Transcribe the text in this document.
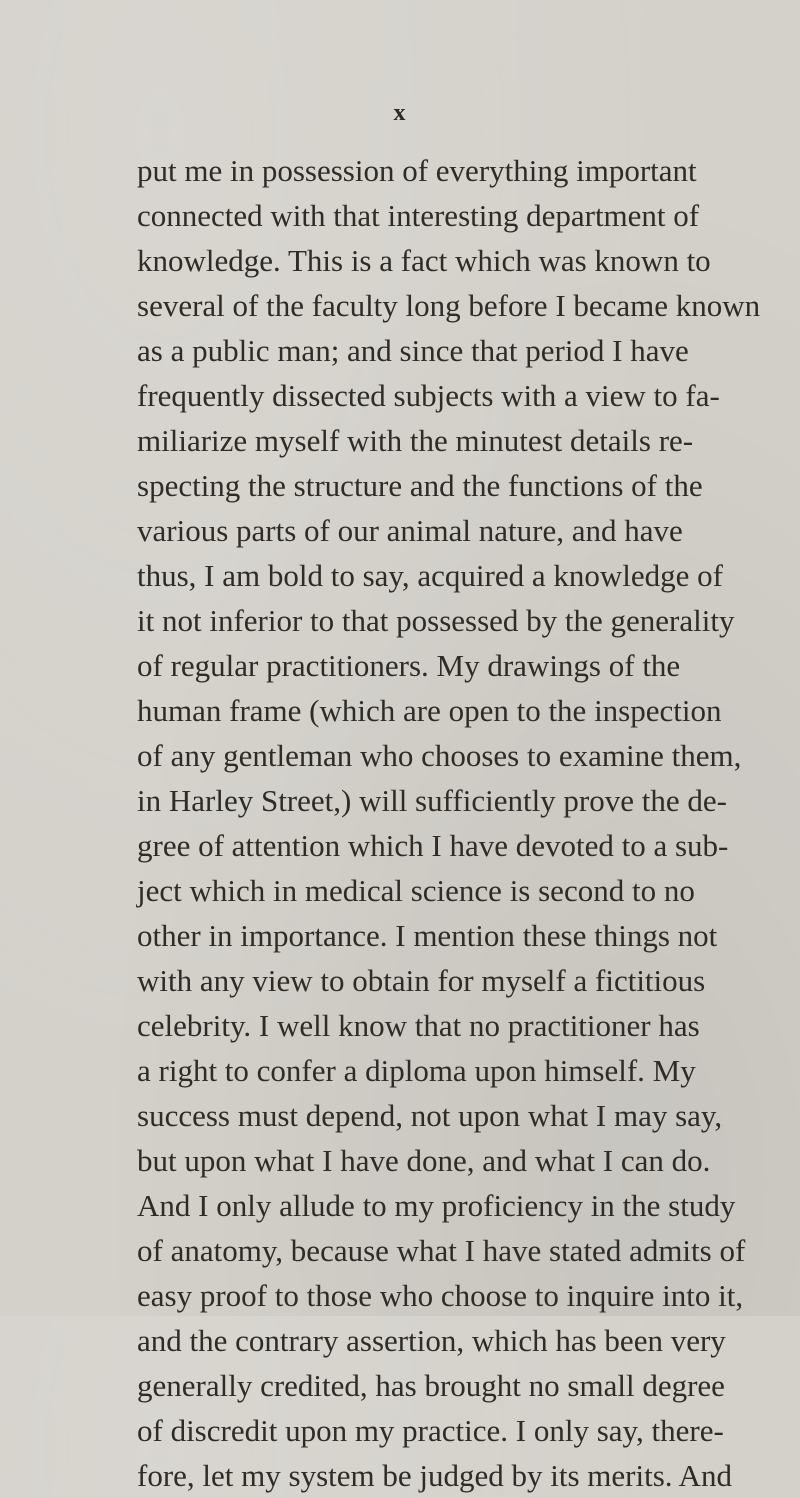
x
put me in possession of everything important
connected with that interesting department of
knowledge. This is a fact which was known to
several of the faculty long before I became known
as a public man; and since that period I have
frequently dissected subjects with a view to fa-
miliarize myself with the minutest details re-
specting the structure and the functions of the
various parts of our animal nature, and have
thus, I am bold to say, acquired a knowledge of
it not inferior to that possessed by the generality
of regular practitioners. My drawings of the
human frame (which are open to the inspection
of any gentleman who chooses to examine them,
in Harley Street,) will sufficiently prove the de-
gree of attention which I have devoted to a sub-
ject which in medical science is second to no
other in importance. I mention these things not
with any view to obtain for myself a fictitious
celebrity. I well know that no practitioner has
a right to confer a diploma upon himself. My
success must depend, not upon what I may say,
but upon what I have done, and what I can do.
And I only allude to my proficiency in the study
of anatomy, because what I have stated admits of
easy proof to those who choose to inquire into it,
and the contrary assertion, which has been very
generally credited, has brought no small degree
of discredit upon my practice. I only say, there-
fore, let my system be judged by its merits. And
